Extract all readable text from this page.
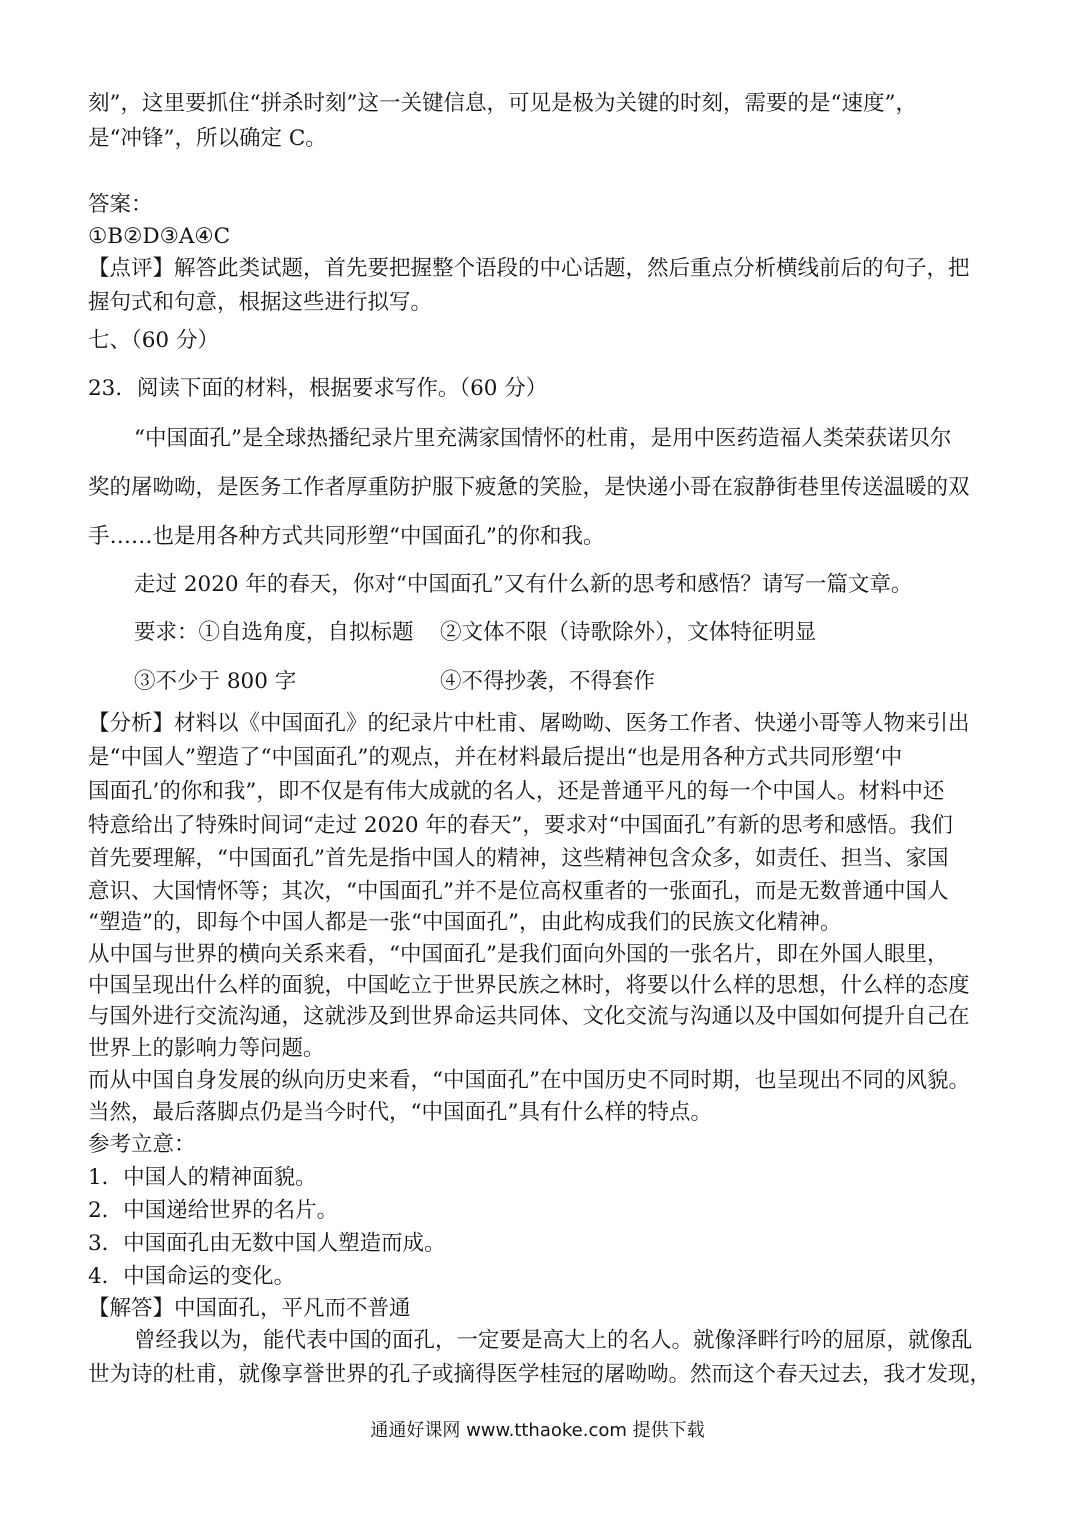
刻”，这里要抓住“拼杀时刻”这一关键信息，可见是极为关键的时刻，需要的是“速度”，

是“冲锋”，所以确定 C。

答案：

①B②D③A④C

【点评】解答此类试题，首先要把握整个语段的中心话题，然后重点分析横线前后的句子，把

握句式和句意，根据这些进行拟写。

七、（60 分）

23．阅读下面的材料，根据要求写作。（60 分）

“中国面孔”是全球热播纪录片里充满家国情怀的杜甫，是用中医药造福人类荣获诺贝尔

奖的屠呦呦，是医务工作者厚重防护服下疲惫的笑脸，是快递小哥在寂静街巷里传送温暖的双

手……也是用各种方式共同形塑“中国面孔”的你和我。

走过 2020 年的春天，你对“中国面孔”又有什么新的思考和感悟？请写一篇文章。

要求：①自选角度，自拟标题 ②文体不限（诗歌除外），文体特征明显

③不少于 800 字	④不得抄袭，不得套作

【分析】材料以《中国面孔》的纪录片中杜甫、屠呦呦、医务工作者、快递小哥等人物来引出

是“中国人”塑造了“中国面孔”的观点，并在材料最后提出“也是用各种方式共同形塑‘中

国面孔’的你和我”，即不仅是有伟大成就的名人，还是普通平凡的每一个中国人。材料中还

特意给出了特殊时间词“走过 2020 年的春天”，要求对“中国面孔”有新的思考和感悟。我们

首先要理解，“中国面孔”首先是指中国人的精神，这些精神包含众多，如责任、担当、家国

意识、大国情怀等；其次，“中国面孔”并不是位高权重者的一张面孔，而是无数普通中国人

“塑造”的，即每个中国人都是一张“中国面孔”，由此构成我们的民族文化精神。

从中国与世界的横向关系来看，“中国面孔”是我们面向外国的一张名片，即在外国人眼里，

中国呈现出什么样的面貌，中国屹立于世界民族之林时，将要以什么样的思想，什么样的态度

与国外进行交流沟通，这就涉及到世界命运共同体、文化交流与沟通以及中国如何提升自己在

世界上的影响力等问题。

而从中国自身发展的纵向历史来看，“中国面孔”在中国历史不同时期，也呈现出不同的风貌。

当然，最后落脚点仍是当今时代，“中国面孔”具有什么样的特点。

参考立意：

1．中国人的精神面貌。

2．中国递给世界的名片。

3．中国面孔由无数中国人塑造而成。

4．中国命运的变化。

【解答】中国面孔，平凡而不普通

曾经我以为，能代表中国的面孔，一定要是高大上的名人。就像泽畔行吟的屈原，就像乱

世为诗的杜甫，就像享誉世界的孔子或摘得医学桂冠的屠呦呦。然而这个春天过去，我才发现，

通通好课网 www.tthaoke.com 提供下载
